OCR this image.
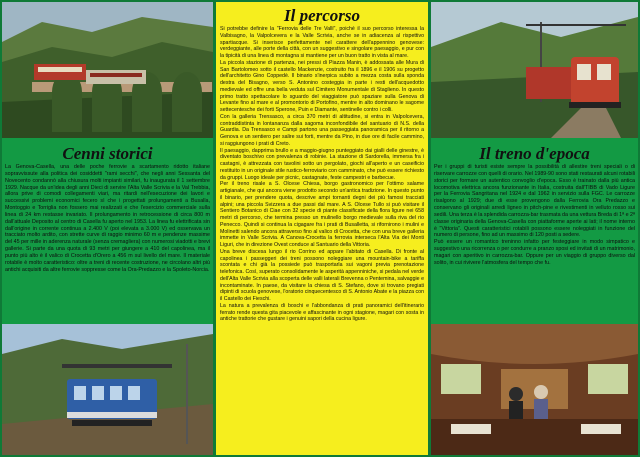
Cenni storici
La Genova-Casella, una delle poche ferrovie a scartamento ridotto italiane sopravvissute alla politica dei cosiddetti "rami secchi", che negli anni Sessanta del Novecento condannò alla chiusura molti impianti similari, fu inaugurata il 1 settembre 1929. Nacque da un'idea degli anni Dieci di servire l'Alta Valle Scrivia e la Val Trebbia, allora prive di comodi collegamenti viari, ma ritardi nell'esecuzione dei lavori e successivi problemi economici fecero sì che i progettati prolungamenti a Busalla, Montoggio e Torriglia non fossero mai realizzati e che l'esercizio commerciale sulla linea di 24 km restasse invariato. Il prolungamento in retrocessione di circa 800 m dall'attuale Deposito al centro di Casella fu aperto nel 1953. La linea fu elettrificata sin dall'origine in corrente continua a 2.400 V (poi elevata a 3.000 V) ed osservava un tracciato molto ardito, con strette curve di raggio minimo 60 m e pendenze massime del 45 per mille in aderenza naturale (senza cremagliera) con numerosi viadotti e brevi gallerie. Si parte da una quota di 93 metri per giungere a 410 del capolinea, ma il punto più alto è il valico di Crocetta d'Orero a 456 m sul livello del mare. Il materiale rotabile è molto caratteristico: oltre a treni di recente costruzione, ne circolano altri più antichi acquisiti da altre ferrovie soppresse come la Ora-Predazzo e la Spoleto-Norcia.
Il percorso

Si potrebbe definire la "Ferrovia delle Tre Valli", poiché il suo percorso interessa la Valbisagno, la Valpolcevera e la Valle Scrivia, anche se in adiacenza al rispettivo spartiacque. Si inserisce perfettamente nel carattere dell'appennino genovese: verdeggiante, alle porte della città, con un suggestivo e singolare paesaggio, e pur con la tipicità di una linea di montagna si mantiene per un buon tratto in vista al mare.

La piccola stazione di partenza, nei pressi di Piazza Manin, è addossata alle Mura di San Bartolomeo sotto il castello Mackenzie, costruito fra il 1896 e il 1906 su progetto dell'architetto Gino Coppedè. Il binario s'inerpica subito a mezza costa sulla sponda destra del Bisagno, verso S. Antonino costeggia in parte i resti dell'acquedotto medievale ed offre una bella veduta sul Cimitero Monumentale di Staglieno. In questo primo tratto spettacolare lo sguardo del viaggiatore può spaziare sulla Genova di Levante fino al mare e al promontorio di Portofino, mentre in alto dominano le sagome settecentesche dei forti Sperone, Puin e Diamante, sentinelle contro i colli.

Con la galleria Trensasco, a circa 370 metri di altitudine, si entra in Valpolcevera, contraddistinta in lontananza dalla sagoma inconfondibile del santuario di N.S. della Guardia. Da Trensasco e Campi partono una passeggiata panoramica per il ritorno a Genova e un sentiero per salire sui forti, mentre da Pino, in due ore di facile cammino, si raggiungono i prati di Creto.

Il paesaggio, dapprima brullo e a maggio-giugno punteggiato dai gialli delle ginestre, è diventato boschivo con prevalenza di robinie. La stazione di Sardorella, immersa fra i castagni, è attrezzata con tavolini sotto un pergolato, giochi all'aperto e un caseificio restituito in un originale stile rustico-ferroviario con camminato, che può essere richiesto da gruppi. Luogo ideale per picnic, castagnate, feste campestri e barbecue.

Per il treno risale a S. Olcese Chiesa, borgo gastronomico per l'ottimo salame artigianale, che qui ancora viene prodotto secondo un'antica tradizione. In questo punto il binario, per prendere quota, descrive ampi tornanti degni dei più famosi tracciati alpini; una piccola Svizzera a due passi dal mare. A S. Olcese Tullo si può visitare il Sentiero Botanico di Ciae con 32 specie di piante classificate della flora ligure nei 658 metri di percorso, che termina presso un mulinello borgo medievale sulla riva del rio Penecco. Quindi si continua la cigagare fra i prati di Busalletta, si rifornirono i mulini e Molinetti salendo ancora attraverso fino al valico di Crocetta, che con una breve galleria immette in Valle Scrivia. A Canova-Crocetta la ferrovia interseca l'Alta Via dei Monti Liguri, che in direzione Ovest conduce al Santuario della Vittoria.

Una breve discesa lungo il rio Corrino ed appare l'abitato di Casella. Di fronte al capolinea i passeggeri dei treni possono noleggiare una mountain-bike a tariffa scontata e chi già la possiede può trasportarla sui vagoni previa prenotazione telefonica. Così, superato consolidamente le asperità appenniniche, si pedala nel verde dell'Alta Valle Scrivia alla scoperta delle valli laterali Brevenna o Pentemina, salvaggie e incontaminate. In paese, da visitare la chiesa di S. Stefano, dove si trovano pregiati dipinti di scuola genovese, l'oratorio cinquecentesco di S. Antonio Abate e la piazza con il Castello dei Fieschi.

La natura a prevalenza di boschi e l'abbondanza di prati panoramici dell'itinerario ferrato rende questa gita piacevole e affascinante in ogni stagione, magari con sosta in antiche trattorie che gustare i genuini sapori della cucina ligure.

Il treno d'epoca

Per i gruppi di turisti esiste sempre la possibilità di allestire treni speciali o di riservare carrozze con quelli di orario. Nel 1989-90 sono stati restaurati alcuni rotabili storici per formare un autentico convoglio d'epoca. Esso è trainato dalla più antica locomotiva elettrica ancora funzionante in Italia, costruita dall'TIBB di Vado Ligure per la Ferrovia Sangritana nel 1924 e dal 1962 in servizio sulla FGC. Le carrozze risalgono al 1929; due di esse provengono dalla Ferrovia Ora Predazzo e conservano gli originali arredi ligneo in pitch-pine e rivestimenti in velluto rosso sui sedili. Una terza è la splendida carrozza-bar trasmata da una vettura Breda di 1ª e 2ª classe originaria della Genova-Casella con piattaforme aperte ai lati; il nome interno è "Vittoria". Questi caratteristici rotabili possono essere noleggiati in funzione del numero di persone, fino ad un massimo di 120 posti a sedere.

Può essere un romantico treninno infatto per festeggiare in modo simpatico e suggestivo una ricorrenza o per condurre a pranzo sposi ed invitati di un matrimonio, magari con aperitivo in carrozza-bar. Oppure per un viaggio di gruppo diverso dal solito, in cui rivivere l'atmosfera del tempo che fu.
